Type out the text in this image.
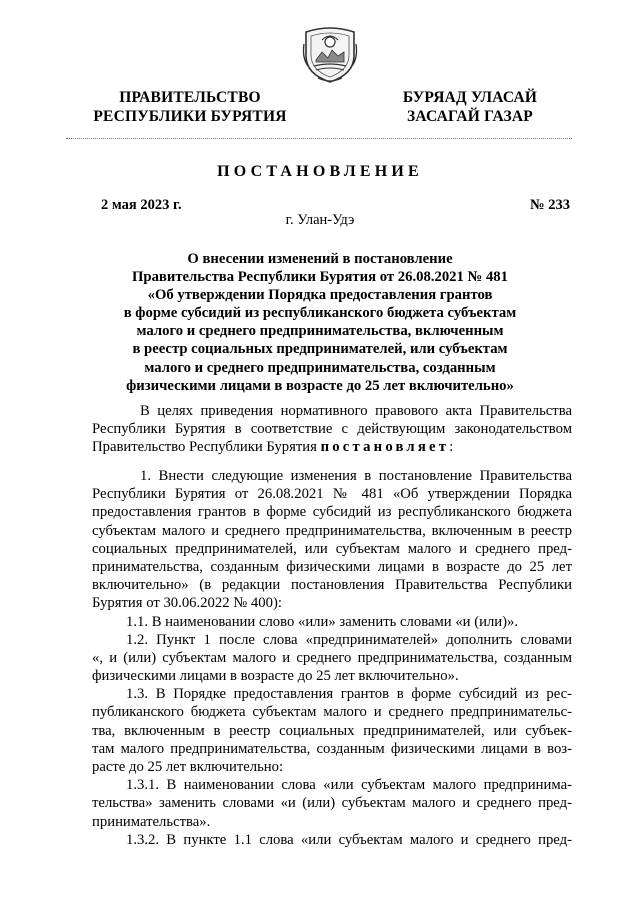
ПРАВИТЕЛЬСТВО
РЕСПУБЛИКИ БУРЯТИЯ
БУРЯАД УЛАСАЙ
ЗАСАГАЙ ГАЗАР
ПОСТАНОВЛЕНИЕ
2 мая 2023 г.	№ 233
г. Улан-Удэ
О внесении изменений в постановление
Правительства Республики Бурятия от 26.08.2021 № 481
«Об утверждении Порядка предоставления грантов
в форме субсидий из республиканского бюджета субъектам
малого и среднего предпринимательства, включенным
в реестр социальных предпринимателей, или субъектам
малого и среднего предпринимательства, созданным
физическими лицами в возрасте до 25 лет включительно»
В целях приведения нормативного правового акта Правительства
Республики Бурятия в соответствие с действующим законодательством
Правительство Республики Бурятия постановляет:
1. Внести следующие изменения в постановление Правительства
Республики Бурятия от 26.08.2021 № 481 «Об утверждении Порядка
предоставления грантов в форме субсидий из республиканского бюджета
субъектам малого и среднего предпринимательства, включенным в реестр
социальных предпринимателей, или субъектам малого и среднего пред-
принимательства, созданным физическими лицами в возрасте до 25 лет
включительно» (в редакции постановления Правительства Республики
Бурятия от 30.06.2022 № 400):
1.1. В наименовании слово «или» заменить словами «и (или)».
1.2. Пункт 1 после слова «предпринимателей» дополнить словами
«, и (или) субъектам малого и среднего предпринимательства, созданным
физическими лицами в возрасте до 25 лет включительно».
1.3. В Порядке предоставления грантов в форме субсидий из рес-
публиканского бюджета субъектам малого и среднего предпринимательс-
тва, включенным в реестр социальных предпринимателей, или субъек-
там малого предпринимательства, созданным физическими лицами в воз-
расте до 25 лет включительно:
1.3.1. В наименовании слова «или субъектам малого предпринима-
тельства» заменить словами «и (или) субъектам малого и среднего пред-
принимательства».
1.3.2. В пункте 1.1 слова «или субъектам малого и среднего пред-
